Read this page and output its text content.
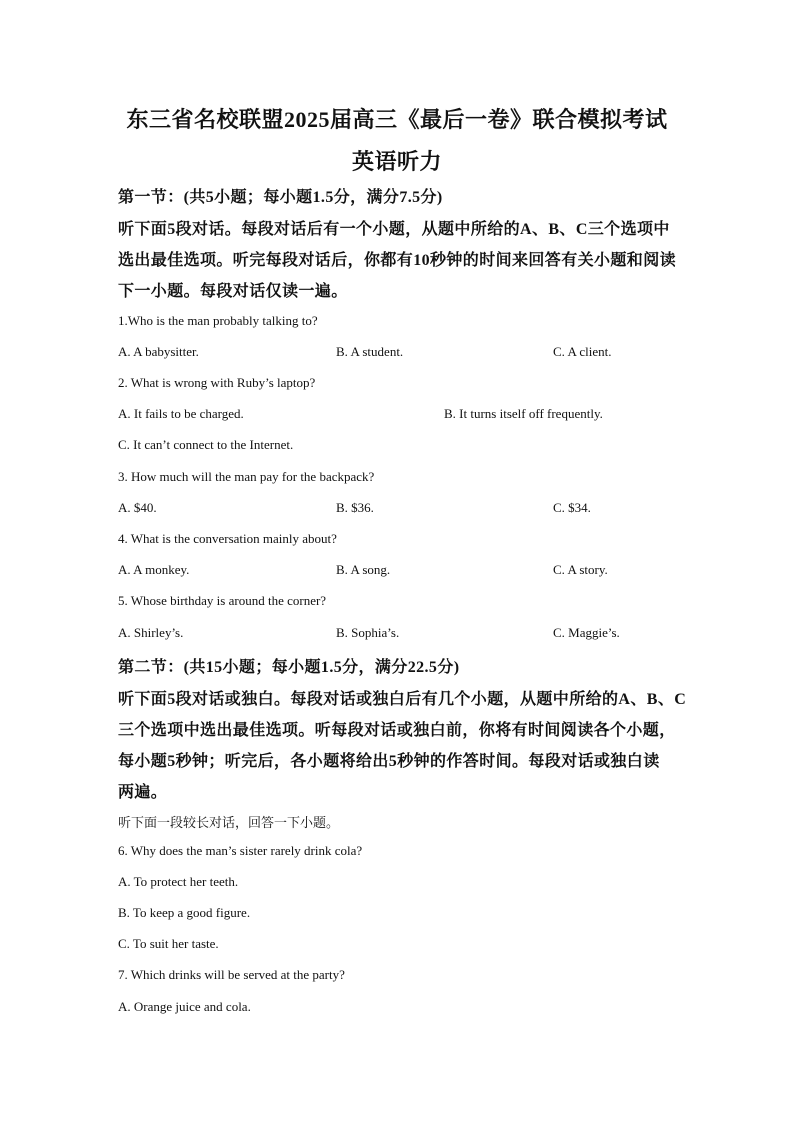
东三省名校联盟2025届高三《最后一卷》联合模拟考试
英语听力
第一节：(共5小题；每小题1.5分，满分7.5分)
听下面5段对话。每段对话后有一个小题，从题中所给的A、B、C三个选项中
选出最佳选项。听完每段对话后，你都有10秒钟的时间来回答有关小题和阅读
下一小题。每段对话仅读一遍。
1.Who is the man probably talking to?
A. A babysitter.	B. A student.	C. A client.
2. What is wrong with Ruby’s laptop?
A. It fails to be charged.	B. It turns itself off frequently.
C. It can’t connect to the Internet.
3. How much will the man pay for the backpack?
A. $40.	B. $36.	C. $34.
4. What is the conversation mainly about?
A. A monkey.	B. A song.	C. A story.
5. Whose birthday is around the corner?
A. Shirley’s.	B. Sophia’s.	C. Maggie’s.
第二节：(共15小题；每小题1.5分，满分22.5分)
听下面5段对话或独白。每段对话或独白后有几个小题，从题中所给的A、B、C
三个选项中选出最佳选项。听每段对话或独白前，你将有时间阅读各个小题，
每小题5秒钟；听完后，各小题将给出5秒钟的作答时间。每段对话或独白读
两遍。
听下面一段较长对话，回答一下小题。
6. Why does the man’s sister rarely drink cola?
A. To protect her teeth.
B. To keep a good figure.
C. To suit her taste.
7. Which drinks will be served at the party?
A. Orange juice and cola.
